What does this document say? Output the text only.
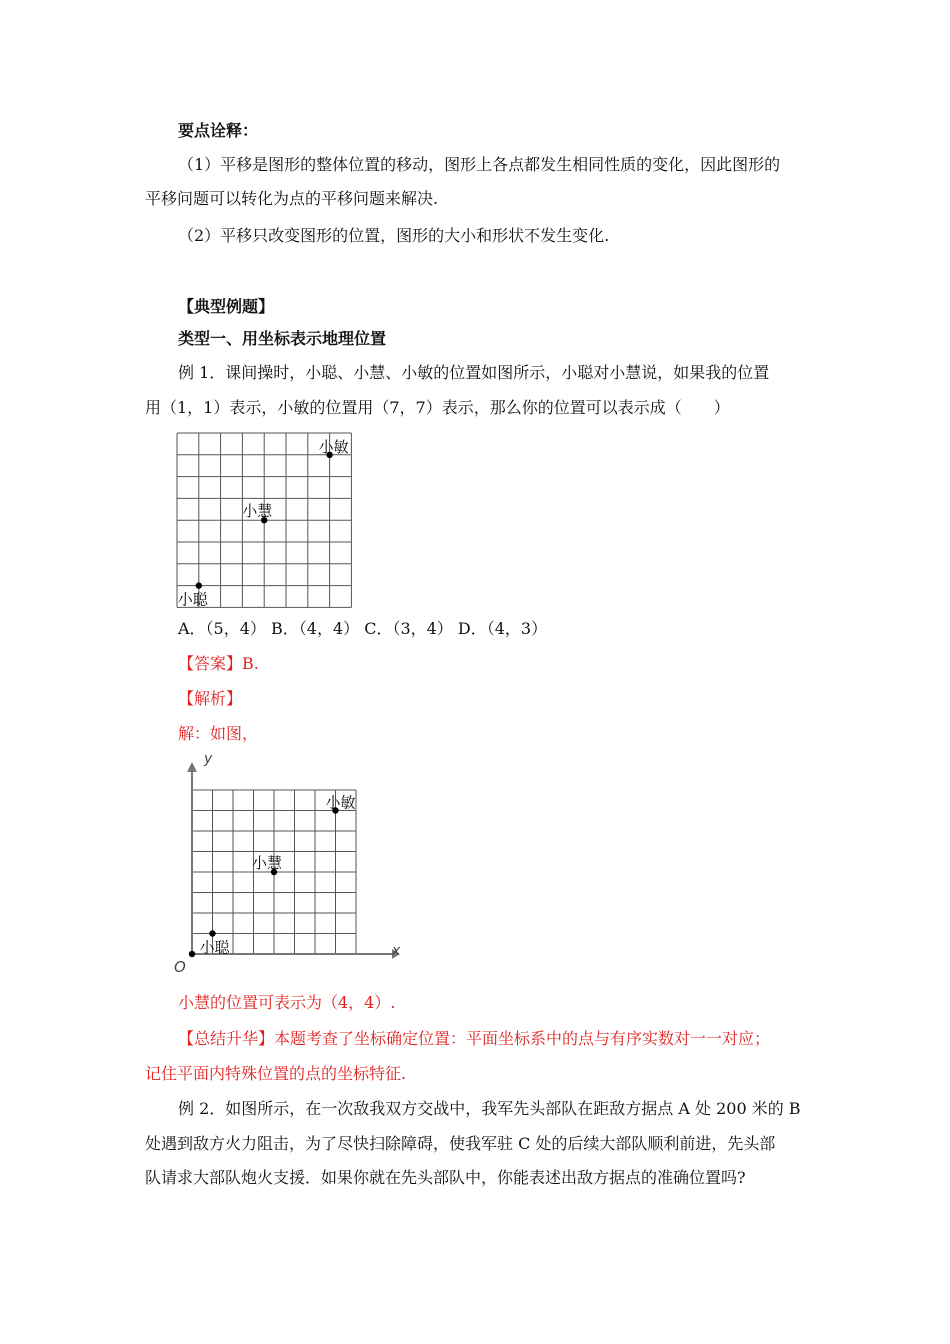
要点诠释：
（1）平移是图形的整体位置的移动，图形上各点都发生相同性质的变化，因此图形的
平移问题可以转化为点的平移问题来解决.
（2）平移只改变图形的位置，图形的大小和形状不发生变化.
【典型例题】
类型一、用坐标表示地理位置
例 1．课间操时，小聪、小慧、小敏的位置如图所示，小聪对小慧说，如果我的位置
用（1，1）表示，小敏的位置用（7，7）表示，那么你的位置可以表示成（　　）
小敏
小慧
小聪
A．（5，4） B．（4，4） C．（3，4） D．（4，3）
【答案】B.
【解析】
解：如图，
x
y
O
小敏
小慧
小聪
小慧的位置可表示为（4，4）.
【总结升华】本题考查了坐标确定位置：平面坐标系中的点与有序实数对一一对应；
记住平面内特殊位置的点的坐标特征.
例 2．如图所示，在一次敌我双方交战中，我军先头部队在距敌方据点 A 处 200 米的 B
处遇到敌方火力阻击，为了尽快扫除障碍，使我军驻 C 处的后续大部队顺利前进，先头部
队请求大部队炮火支援．如果你就在先头部队中，你能表述出敌方据点的准确位置吗?
